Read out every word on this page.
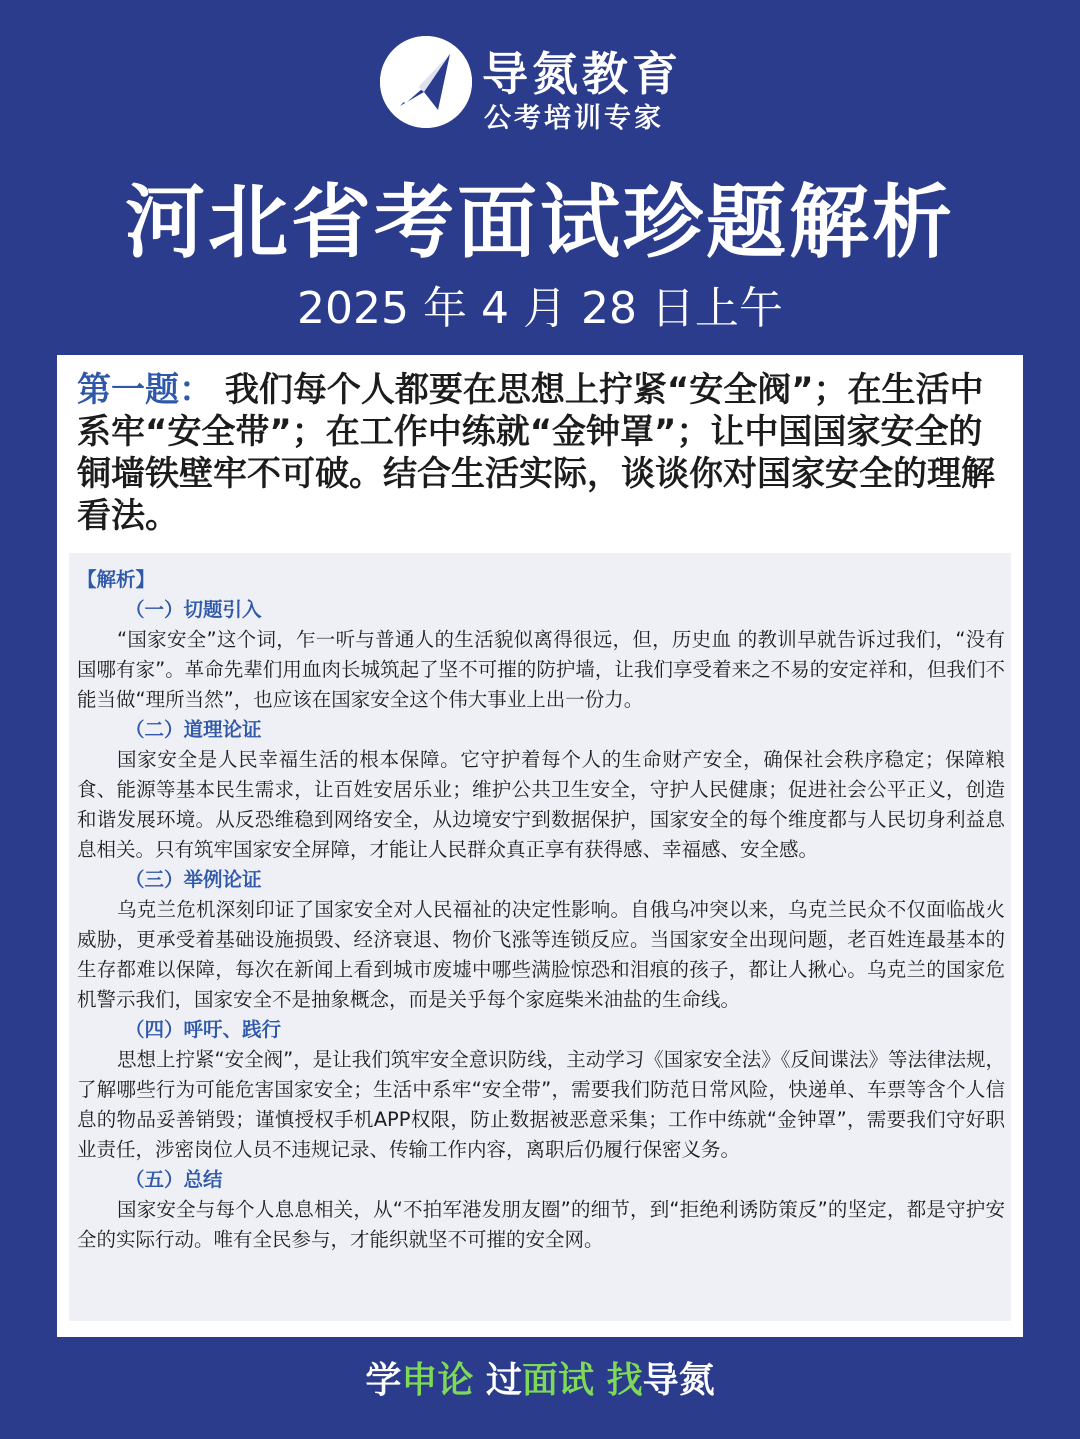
导氮教育
公考培训专家
河北省考面试珍题解析
2025 年 4 月 28 日上午
第一题： 我们每个人都要在思想上拧紧“安全阀”；在生活中系牢“安全带”；在工作中练就“金钟罩”；让中国国家安全的铜墙铁壁牢不可破。结合生活实际，谈谈你对国家安全的理解看法。
【解析】
（一）切题引入
“国家安全”这个词，乍一听与普通人的生活貌似离得很远，但，历史血 的教训早就告诉过我们，“没有国哪有家”。革命先辈们用血肉长城筑起了坚不可摧的防护墙，让我们享受着来之不易的安定祥和，但我们不能当做“理所当然”，也应该在国家安全这个伟大事业上出一份力。
（二）道理论证
国家安全是人民幸福生活的根本保障。它守护着每个人的生命财产安全，确保社会秩序稳定；保障粮食、能源等基本民生需求，让百姓安居乐业；维护公共卫生安全，守护人民健康；促进社会公平正义，创造和谐发展环境。从反恐维稳到网络安全，从边境安宁到数据保护，国家安全的每个维度都与人民切身利益息息相关。只有筑牢国家安全屏障，才能让人民群众真正享有获得感、幸福感、安全感。
（三）举例论证
乌克兰危机深刻印证了国家安全对人民福祉的决定性影响。自俄乌冲突以来，乌克兰民众不仅面临战火威胁，更承受着基础设施损毁、经济衰退、物价飞涨等连锁反应。当国家安全出现问题，老百姓连最基本的生存都难以保障，每次在新闻上看到城市废墟中哪些满脸惊恐和泪痕的孩子，都让人揪心。乌克兰的国家危机警示我们，国家安全不是抽象概念，而是关乎每个家庭柴米油盐的生命线。
（四）呼吁、践行
思想上拧紧“安全阀”，是让我们筑牢安全意识防线，主动学习《国家安全法》《反间谍法》等法律法规，了解哪些行为可能危害国家安全；生活中系牢“安全带”，需要我们防范日常风险，快递单、车票等含个人信息的物品妥善销毁；谨慎授权手机APP权限，防止数据被恶意采集；工作中练就“金钟罩”，需要我们守好职业责任，涉密岗位人员不违规记录、传输工作内容，离职后仍履行保密义务。
（五）总结
国家安全与每个人息息相关，从“不拍军港发朋友圈”的细节，到“拒绝利诱防策反”的坚定，都是守护安全的实际行动。唯有全民参与，才能织就坚不可摧的安全网。
学申论 过面试 找导氮
